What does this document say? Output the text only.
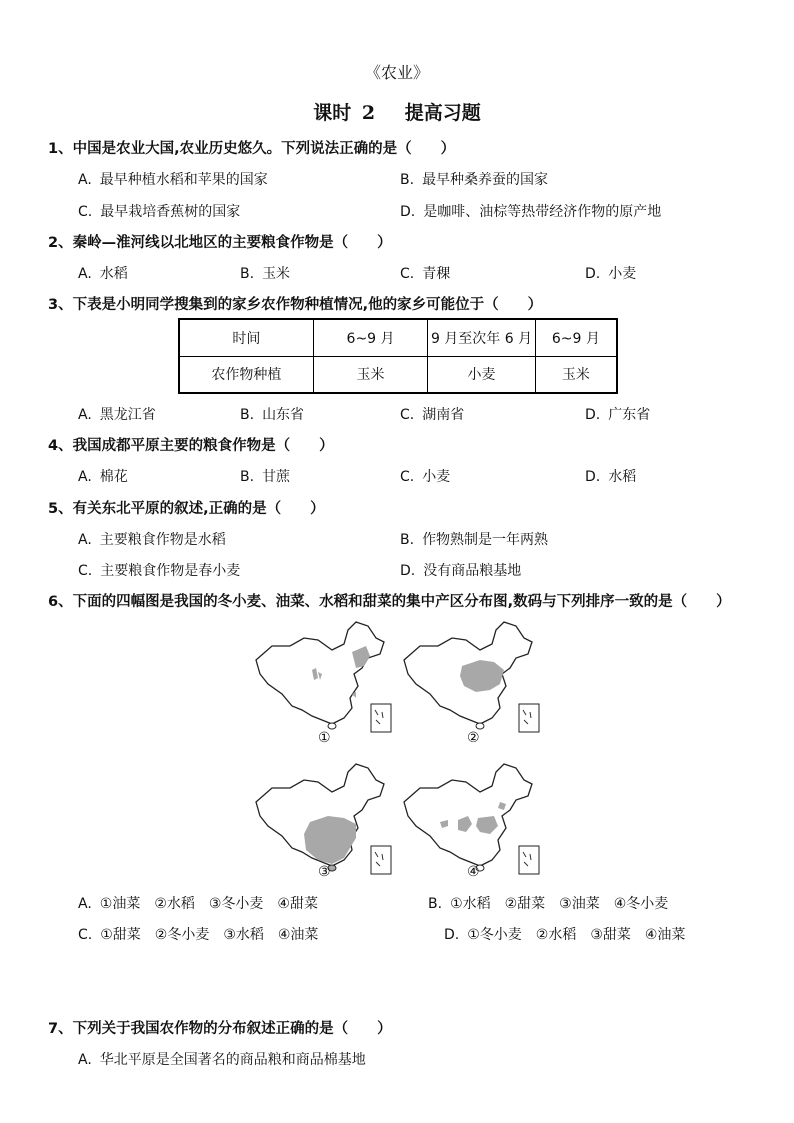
《农业》
课时 2　 提高习题
1、中国是农业大国,农业历史悠久。下列说法正确的是（　　）
A. 最早种植水稻和苹果的国家	B. 最早种桑养蚕的国家
C. 最早栽培香蕉树的国家	D. 是咖啡、油棕等热带经济作物的原产地
2、秦岭—淮河线以北地区的主要粮食作物是（　　）
A. 水稻	B. 玉米	C. 青稞	D. 小麦
3、下表是小明同学搜集到的家乡农作物种植情况,他的家乡可能位于（　　）
时间	6~9 月	9 月至次年 6 月	6~9 月
农作物种植	玉米	小麦	玉米
A. 黑龙江省	B. 山东省	C. 湖南省	D. 广东省
4、我国成都平原主要的粮食作物是（　　）
A. 棉花	B. 甘蔗	C. 小麦	D. 水稻
5、有关东北平原的叙述,正确的是（　　）
A. 主要粮食作物是水稻	B. 作物熟制是一年两熟
C. 主要粮食作物是春小麦	D. 没有商品粮基地
6、下面的四幅图是我国的冬小麦、油菜、水稻和甜菜的集中产区分布图,数码与下列排序一致的是（　　）
①	②
③	④
A. ①油菜　②水稻　③冬小麦　④甜菜	B. ①水稻　②甜菜　③油菜　④冬小麦
C. ①甜菜　②冬小麦　③水稻　④油菜	D. ①冬小麦　②水稻　③甜菜　④油菜
7、下列关于我国农作物的分布叙述正确的是（　　）
A. 华北平原是全国著名的商品粮和商品棉基地
